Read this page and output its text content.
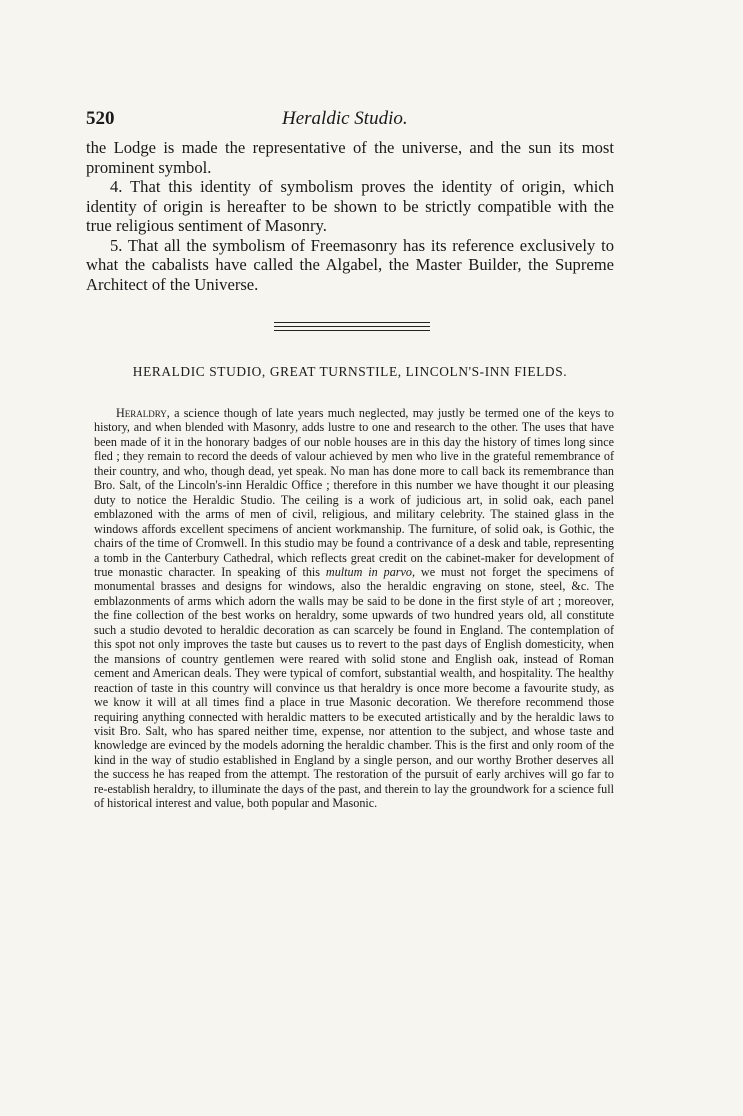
520	Heraldic Studio.

the Lodge is made the representative of the universe, and the sun its most prominent symbol.

4. That this identity of symbolism proves the identity of origin, which identity of origin is hereafter to be shown to be strictly compatible with the true religious sentiment of Masonry.

5. That all the symbolism of Freemasonry has its reference exclusively to what the cabalists have called the Algabel, the Master Builder, the Supreme Architect of the Universe.

HERALDIC STUDIO, GREAT TURNSTILE, LINCOLN'S-INN FIELDS.

Heraldry, a science though of late years much neglected, may justly be termed one of the keys to history, and when blended with Masonry, adds lustre to one and research to the other. The uses that have been made of it in the honorary badges of our noble houses are in this day the history of times long since fled ; they remain to record the deeds of valour achieved by men who live in the grateful remembrance of their country, and who, though dead, yet speak. No man has done more to call back its remembrance than Bro. Salt, of the Lincoln's-inn Heraldic Office ; therefore in this number we have thought it our pleasing duty to notice the Heraldic Studio. The ceiling is a work of judicious art, in solid oak, each panel emblazoned with the arms of men of civil, religious, and military celebrity. The stained glass in the windows affords excellent specimens of ancient workmanship. The furniture, of solid oak, is Gothic, the chairs of the time of Cromwell. In this studio may be found a contrivance of a desk and table, representing a tomb in the Canterbury Cathedral, which reflects great credit on the cabinet-maker for development of true monastic character. In speaking of this multum in parvo, we must not forget the specimens of monumental brasses and designs for windows, also the heraldic engraving on stone, steel, &c. The emblazonments of arms which adorn the walls may be said to be done in the first style of art ; moreover, the fine collection of the best works on heraldry, some upwards of two hundred years old, all constitute such a studio devoted to heraldic decoration as can scarcely be found in England. The contemplation of this spot not only improves the taste but causes us to revert to the past days of English domesticity, when the mansions of country gentlemen were reared with solid stone and English oak, instead of Roman cement and American deals. They were typical of comfort, substantial wealth, and hospitality. The healthy reaction of taste in this country will convince us that heraldry is once more become a favourite study, as we know it will at all times find a place in true Masonic decoration. We therefore recommend those requiring anything connected with heraldic matters to be executed artistically and by the heraldic laws to visit Bro. Salt, who has spared neither time, expense, nor attention to the subject, and whose taste and knowledge are evinced by the models adorning the heraldic chamber. This is the first and only room of the kind in the way of studio established in England by a single person, and our worthy Brother deserves all the success he has reaped from the attempt. The restoration of the pursuit of early archives will go far to re-establish heraldry, to illuminate the days of the past, and therein to lay the groundwork for a science full of historical interest and value, both popular and Masonic.
